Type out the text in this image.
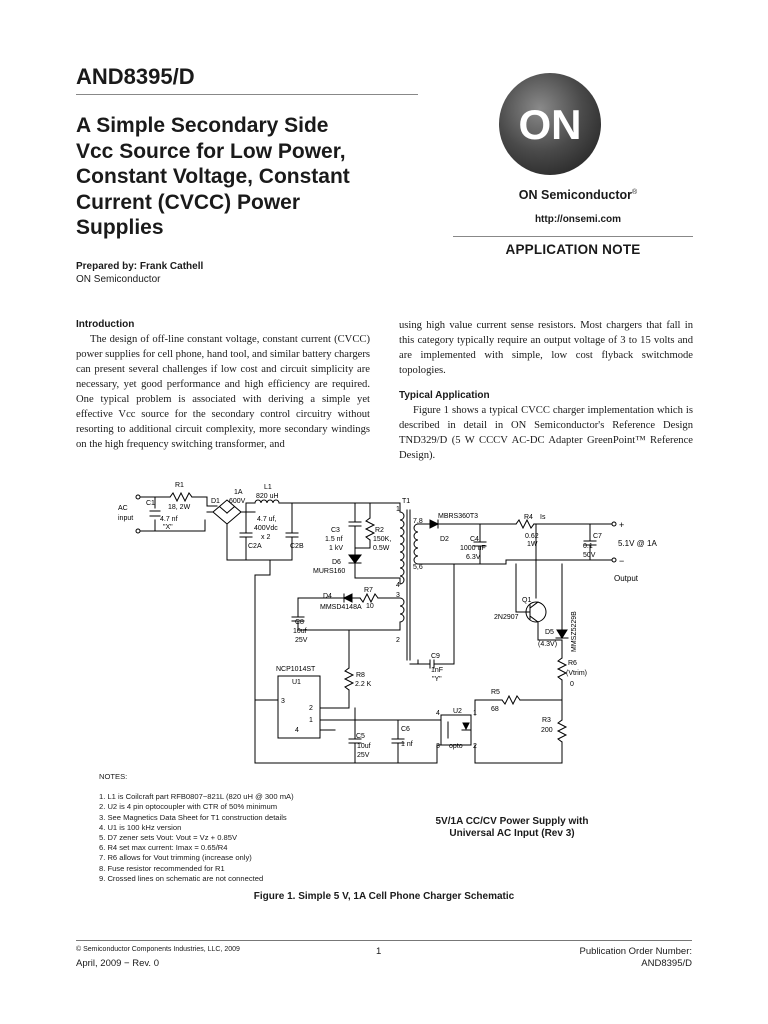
AND8395/D
A Simple Secondary Side
Vcc Source for Low Power,
Constant Voltage, Constant
Current (CVCC) Power
Supplies
ON
ON Semiconductor®
http://onsemi.com
APPLICATION NOTE
Prepared by: Frank Cathell
ON Semiconductor
Introduction

The design of off-line constant voltage, constant current (CVCC) power supplies for cell phone, hand tool, and similar battery chargers can present several challenges if low cost and circuit simplicity are necessary, yet good performance and high efficiency are required. One typical problem is associated with deriving a simple yet effective Vcc source for the secondary control circuitry without resorting to additional circuit complexity, more secondary windings on the high frequency switching transformer, and

using high value current sense resistors. Most chargers that fall in this category typically require an output voltage of 3 to 15 volts and are implemented with simple, low cost flyback switchmode topologies.

Typical Application

Figure 1 shows a typical CVCC charger implementation which is described in detail in ON Semiconductor's Reference Design TND329/D (5 W CCCV AC-DC Adapter GreenPoint™ Reference Design).

AC
input
R1
18, 2W
C1
4.7 nf
"X"
D1
1A
600V
L1
820 uH
4.7 uf,
400Vdc
x 2
C2A	C2B
C3
1.5 nf
1 kV
R2
150K,
0.5W
D6
MURS160
T1
1
7,8
5,6
4
3
2
MBRS360T3
D2	C4
1000 uF
6.3V
R4 Is
0.62
1W
C7
0.1
50V
+
−
5.1V @ 1A
Output
R7
10
D4
MMSD4148A
C8
10uf
25V
C9
1nF
"Y"
Q1
2N2907
D5
(4.3V) MMSZ5229B
R6
(Vtrim)
0
R5
68
R3
200
NCP1014ST
U1
3
2
1
4
R8
2.2 K
C5
10uf
25V
C6
1 nf
U2
opto
4	1
3	2
NOTES:
1. L1 is Coilcraft part RFB0807−821L (820 uH @ 300 mA)
2. U2 is 4 pin optocoupler with CTR of 50% minimum
3. See Magnetics Data Sheet for T1 construction details
4. U1 is 100 kHz version
5. D7 zener sets Vout: Vout = Vz + 0.85V
6. R4 set max current: Imax = 0.65/R4
7. R6 allows for Vout trimming (increase only)
8. Fuse resistor recommended for R1
9. Crossed lines on schematic are not connected
5V/1A CC/CV Power Supply with
Universal AC Input (Rev 3)
Figure 1. Simple 5 V, 1A Cell Phone Charger Schematic
© Semiconductor Components Industries, LLC, 2009
April, 2009 − Rev. 0
1	Publication Order Number:
AND8395/D
